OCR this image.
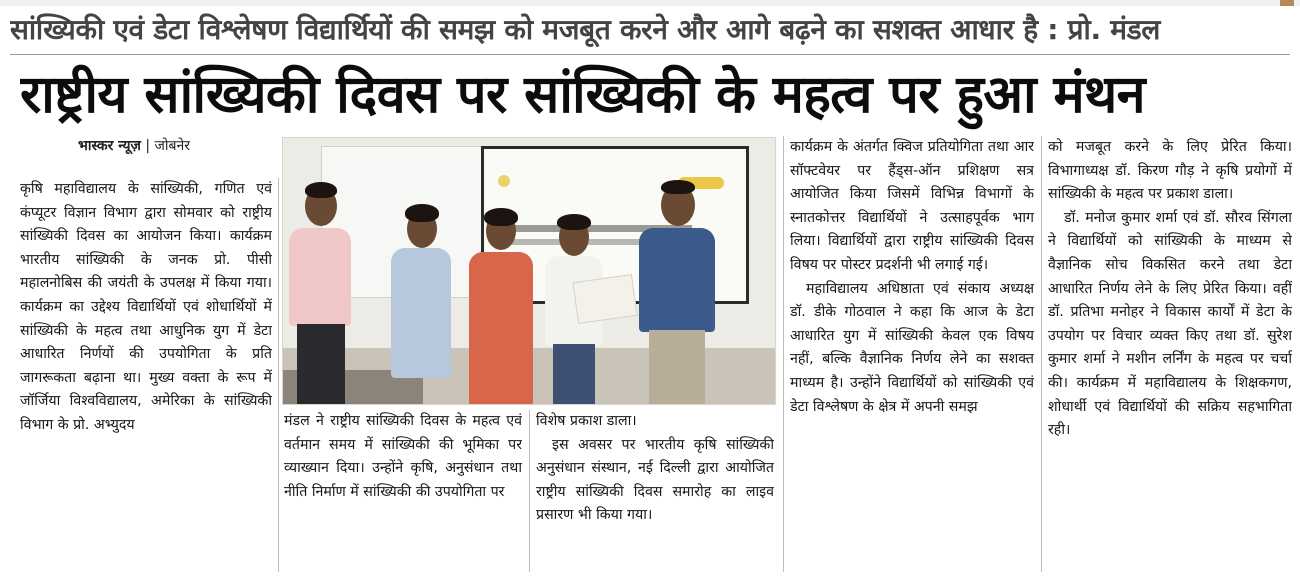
सांख्यिकी एवं डेटा विश्लेषण विद्यार्थियों की समझ को मजबूत करने और आगे बढ़ने का सशक्त आधार है : प्रो. मंडल
राष्ट्रीय सांख्यिकी दिवस पर सांख्यिकी के महत्व पर हुआ मंथन
भास्कर न्यूज़ | जोबनेर

कृषि महाविद्यालय के सांख्यिकी, गणित एवं कंप्यूटर विज्ञान विभाग द्वारा सोमवार को राष्ट्रीय सांख्यिकी दिवस का आयोजन किया। कार्यक्रम भारतीय सांख्यिकी के जनक प्रो. पीसी महालनोबिस की जयंती के उपलक्ष में किया गया। कार्यक्रम का उद्देश्य विद्यार्थियों एवं शोधार्थियों में सांख्यिकी के महत्व तथा आधुनिक युग में डेटा आधारित निर्णयों की उपयोगिता के प्रति जागरूकता बढ़ाना था। मुख्य वक्ता के रूप में जॉर्जिया विश्वविद्यालय, अमेरिका के सांख्यिकी विभाग के प्रो. अभ्युदय	मंडल ने राष्ट्रीय सांख्यिकी दिवस के महत्व एवं वर्तमान समय में सांख्यिकी की भूमिका पर व्याख्यान दिया। उन्होंने कृषि, अनुसंधान तथा नीति निर्माण में सांख्यिकी की उपयोगिता पर

विशेष प्रकाश डाला।

इस अवसर पर भारतीय कृषि सांख्यिकी अनुसंधान संस्थान, नई दिल्ली द्वारा आयोजित राष्ट्रीय सांख्यिकी दिवस समारोह का लाइव प्रसारण भी किया गया।

कार्यक्रम के अंतर्गत क्विज प्रतियोगिता तथा आर सॉफ्टवेयर पर हैंड्स-ऑन प्रशिक्षण सत्र आयोजित किया जिसमें विभिन्न विभागों के स्नातकोत्तर विद्यार्थियों ने उत्साहपूर्वक भाग लिया। विद्यार्थियों द्वारा राष्ट्रीय सांख्यिकी दिवस विषय पर पोस्टर प्रदर्शनी भी लगाई गई।

महाविद्यालय अधिष्ठाता एवं संकाय अध्यक्ष डॉ. डीके गोठवाल ने कहा कि आज के डेटा आधारित युग में सांख्यिकी केवल एक विषय नहीं, बल्कि वैज्ञानिक निर्णय लेने का सशक्त माध्यम है। उन्होंने विद्यार्थियों को सांख्यिकी एवं डेटा विश्लेषण के क्षेत्र में अपनी समझ

को मजबूत करने के लिए प्रेरित किया। विभागाध्यक्ष डॉ. किरण गौड़ ने कृषि प्रयोगों में सांख्यिकी के महत्व पर प्रकाश डाला।

डॉ. मनोज कुमार शर्मा एवं डॉ. सौरव सिंगला ने विद्यार्थियों को सांख्यिकी के माध्यम से वैज्ञानिक सोच विकसित करने तथा डेटा आधारित निर्णय लेने के लिए प्रेरित किया। वहीं डॉ. प्रतिभा मनोहर ने विकास कार्यों में डेटा के उपयोग पर विचार व्यक्त किए तथा डॉ. सुरेश कुमार शर्मा ने मशीन लर्निंग के महत्व पर चर्चा की। कार्यक्रम में महाविद्यालय के शिक्षकगण, शोधार्थी एवं विद्यार्थियों की सक्रिय सहभागिता रही।
